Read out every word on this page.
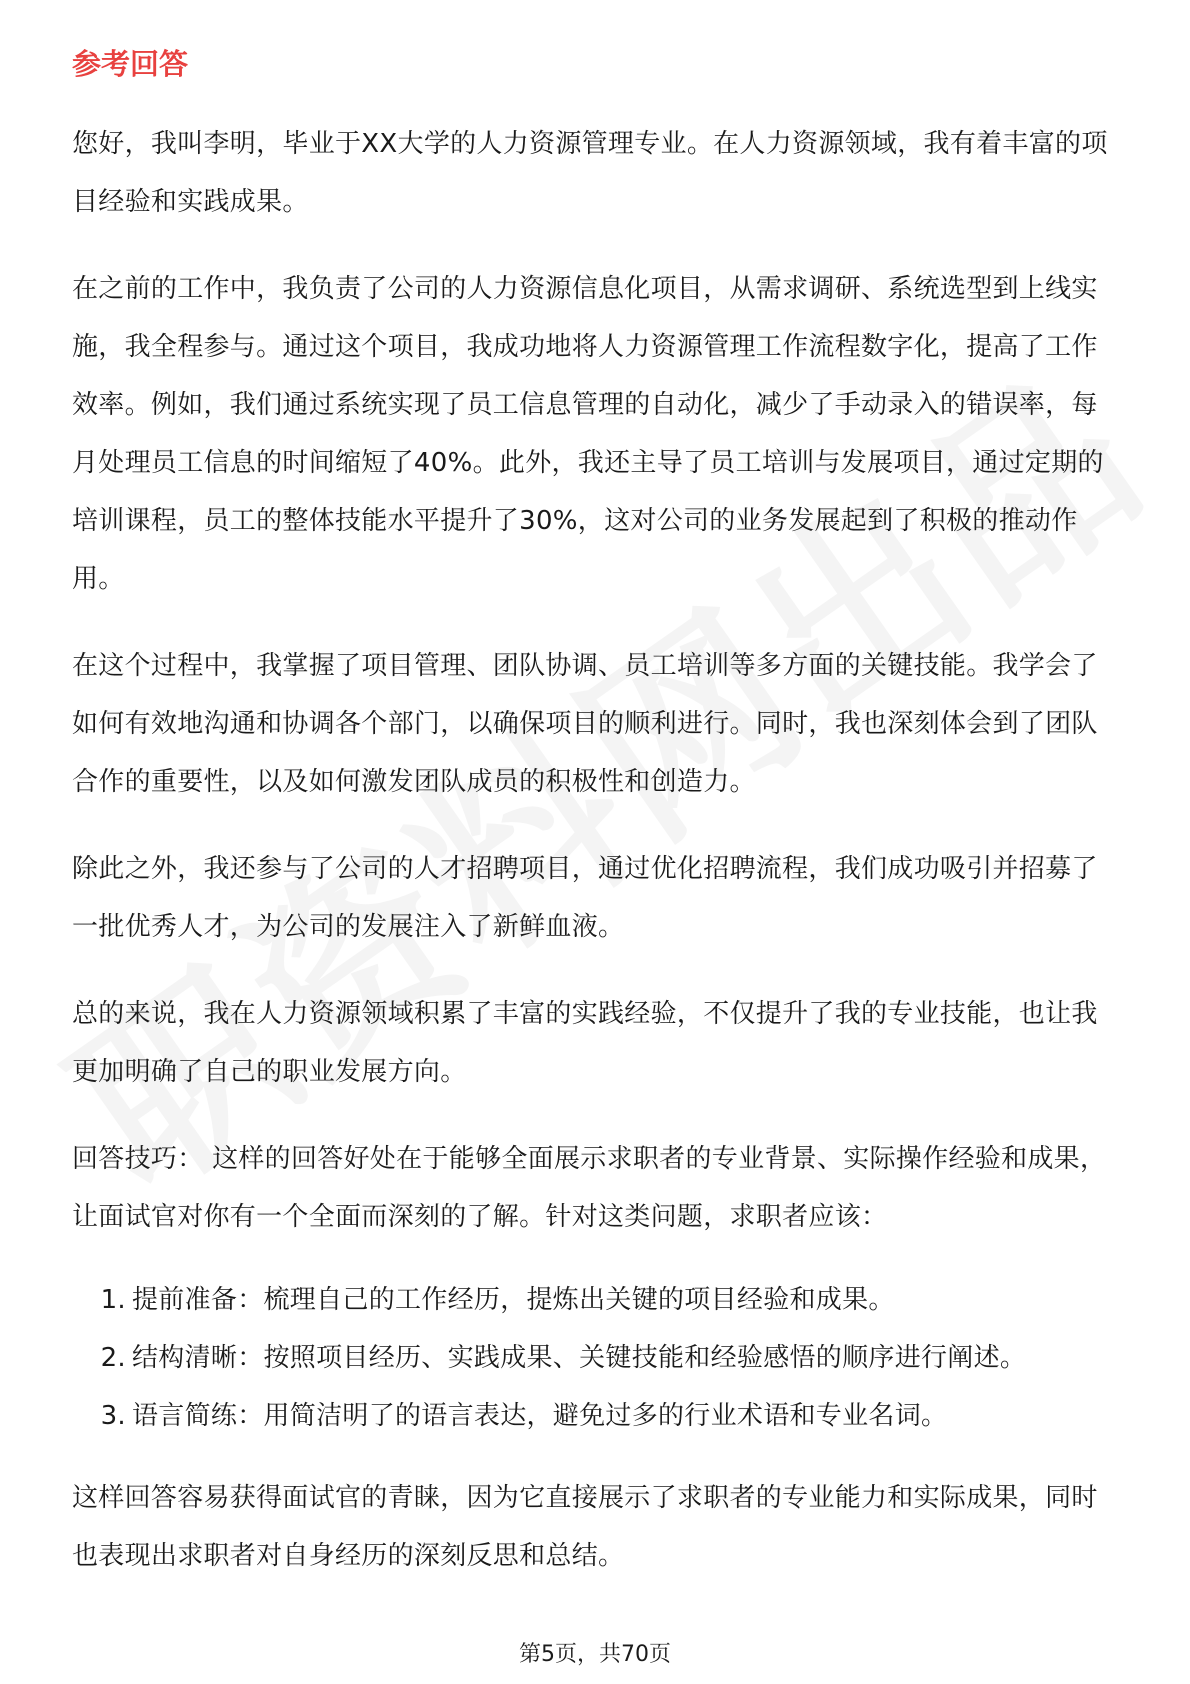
参考回答

您好，我叫李明，毕业于XX大学的人力资源管理专业。在人力资源领域，我有着丰富的项目经验和实践成果。

在之前的工作中，我负责了公司的人力资源信息化项目，从需求调研、系统选型到上线实施，我全程参与。通过这个项目，我成功地将人力资源管理工作流程数字化，提高了工作效率。例如，我们通过系统实现了员工信息管理的自动化，减少了手动录入的错误率，每月处理员工信息的时间缩短了40%。此外，我还主导了员工培训与发展项目，通过定期的培训课程，员工的整体技能水平提升了30%，这对公司的业务发展起到了积极的推动作用。

在这个过程中，我掌握了项目管理、团队协调、员工培训等多方面的关键技能。我学会了如何有效地沟通和协调各个部门，以确保项目的顺利进行。同时，我也深刻体会到了团队合作的重要性，以及如何激发团队成员的积极性和创造力。

除此之外，我还参与了公司的人才招聘项目，通过优化招聘流程，我们成功吸引并招募了一批优秀人才，为公司的发展注入了新鲜血液。

总的来说，我在人力资源领域积累了丰富的实践经验，不仅提升了我的专业技能，也让我更加明确了自己的职业发展方向。

回答技巧： 这样的回答好处在于能够全面展示求职者的专业背景、实际操作经验和成果，让面试官对你有一个全面而深刻的了解。针对这类问题，求职者应该：

1. 提前准备：梳理自己的工作经历，提炼出关键的项目经验和成果。
2. 结构清晰：按照项目经历、实践成果、关键技能和经验感悟的顺序进行阐述。
3. 语言简练：用简洁明了的语言表达，避免过多的行业术语和专业名词。

这样回答容易获得面试官的青睐，因为它直接展示了求职者的专业能力和实际成果，同时也表现出求职者对自身经历的深刻反思和总结。

第5页，共70页
